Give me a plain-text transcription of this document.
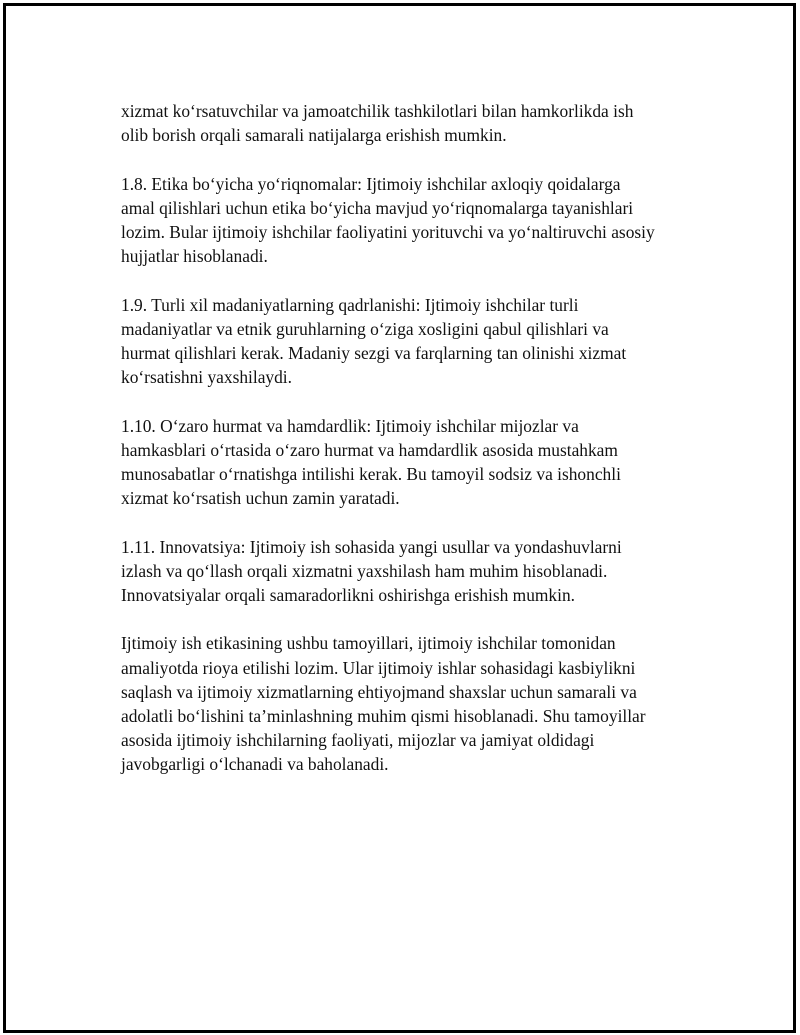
xizmat koʻrsatuvchilar va jamoatchilik tashkilotlari bilan hamkorlikda ish
olib borish orqali samarali natijalarga erishish mumkin.

1.8. Etika boʻyicha yoʻriqnomalar: Ijtimoiy ishchilar axloqiy qoidalarga
amal qilishlari uchun etika boʻyicha mavjud yoʻriqnomalarga tayanishlari
lozim. Bular ijtimoiy ishchilar faoliyatini yorituvchi va yoʻnaltiruvchi asosiy
hujjatlar hisoblanadi.

1.9. Turli xil madaniyatlarning qadrlanishi: Ijtimoiy ishchilar turli
madaniyatlar va etnik guruhlarning oʻziga xosligini qabul qilishlari va
hurmat qilishlari kerak. Madaniy sezgi va farqlarning tan olinishi xizmat
koʻrsatishni yaxshilaydi.

1.10. Oʻzaro hurmat va hamdardlik: Ijtimoiy ishchilar mijozlar va
hamkasblari oʻrtasida oʻzaro hurmat va hamdardlik asosida mustahkam
munosabatlar oʻrnatishga intilishi kerak. Bu tamoyil sodsiz va ishonchli
xizmat koʻrsatish uchun zamin yaratadi.

1.11. Innovatsiya: Ijtimoiy ish sohasida yangi usullar va yondashuvlarni
izlash va qoʻllash orqali xizmatni yaxshilash ham muhim hisoblanadi.
Innovatsiyalar orqali samaradorlikni oshirishga erishish mumkin.

Ijtimoiy ish etikasining ushbu tamoyillari, ijtimoiy ishchilar tomonidan
amaliyotda rioya etilishi lozim. Ular ijtimoiy ishlar sohasidagi kasbiylikni
saqlash va ijtimoiy xizmatlarning ehtiyojmand shaxslar uchun samarali va
adolatli boʻlishini taʼminlashning muhim qismi hisoblanadi. Shu tamoyillar
asosida ijtimoiy ishchilarning faoliyati, mijozlar va jamiyat oldidagi
javobgarligi oʻlchanadi va baholanadi.
